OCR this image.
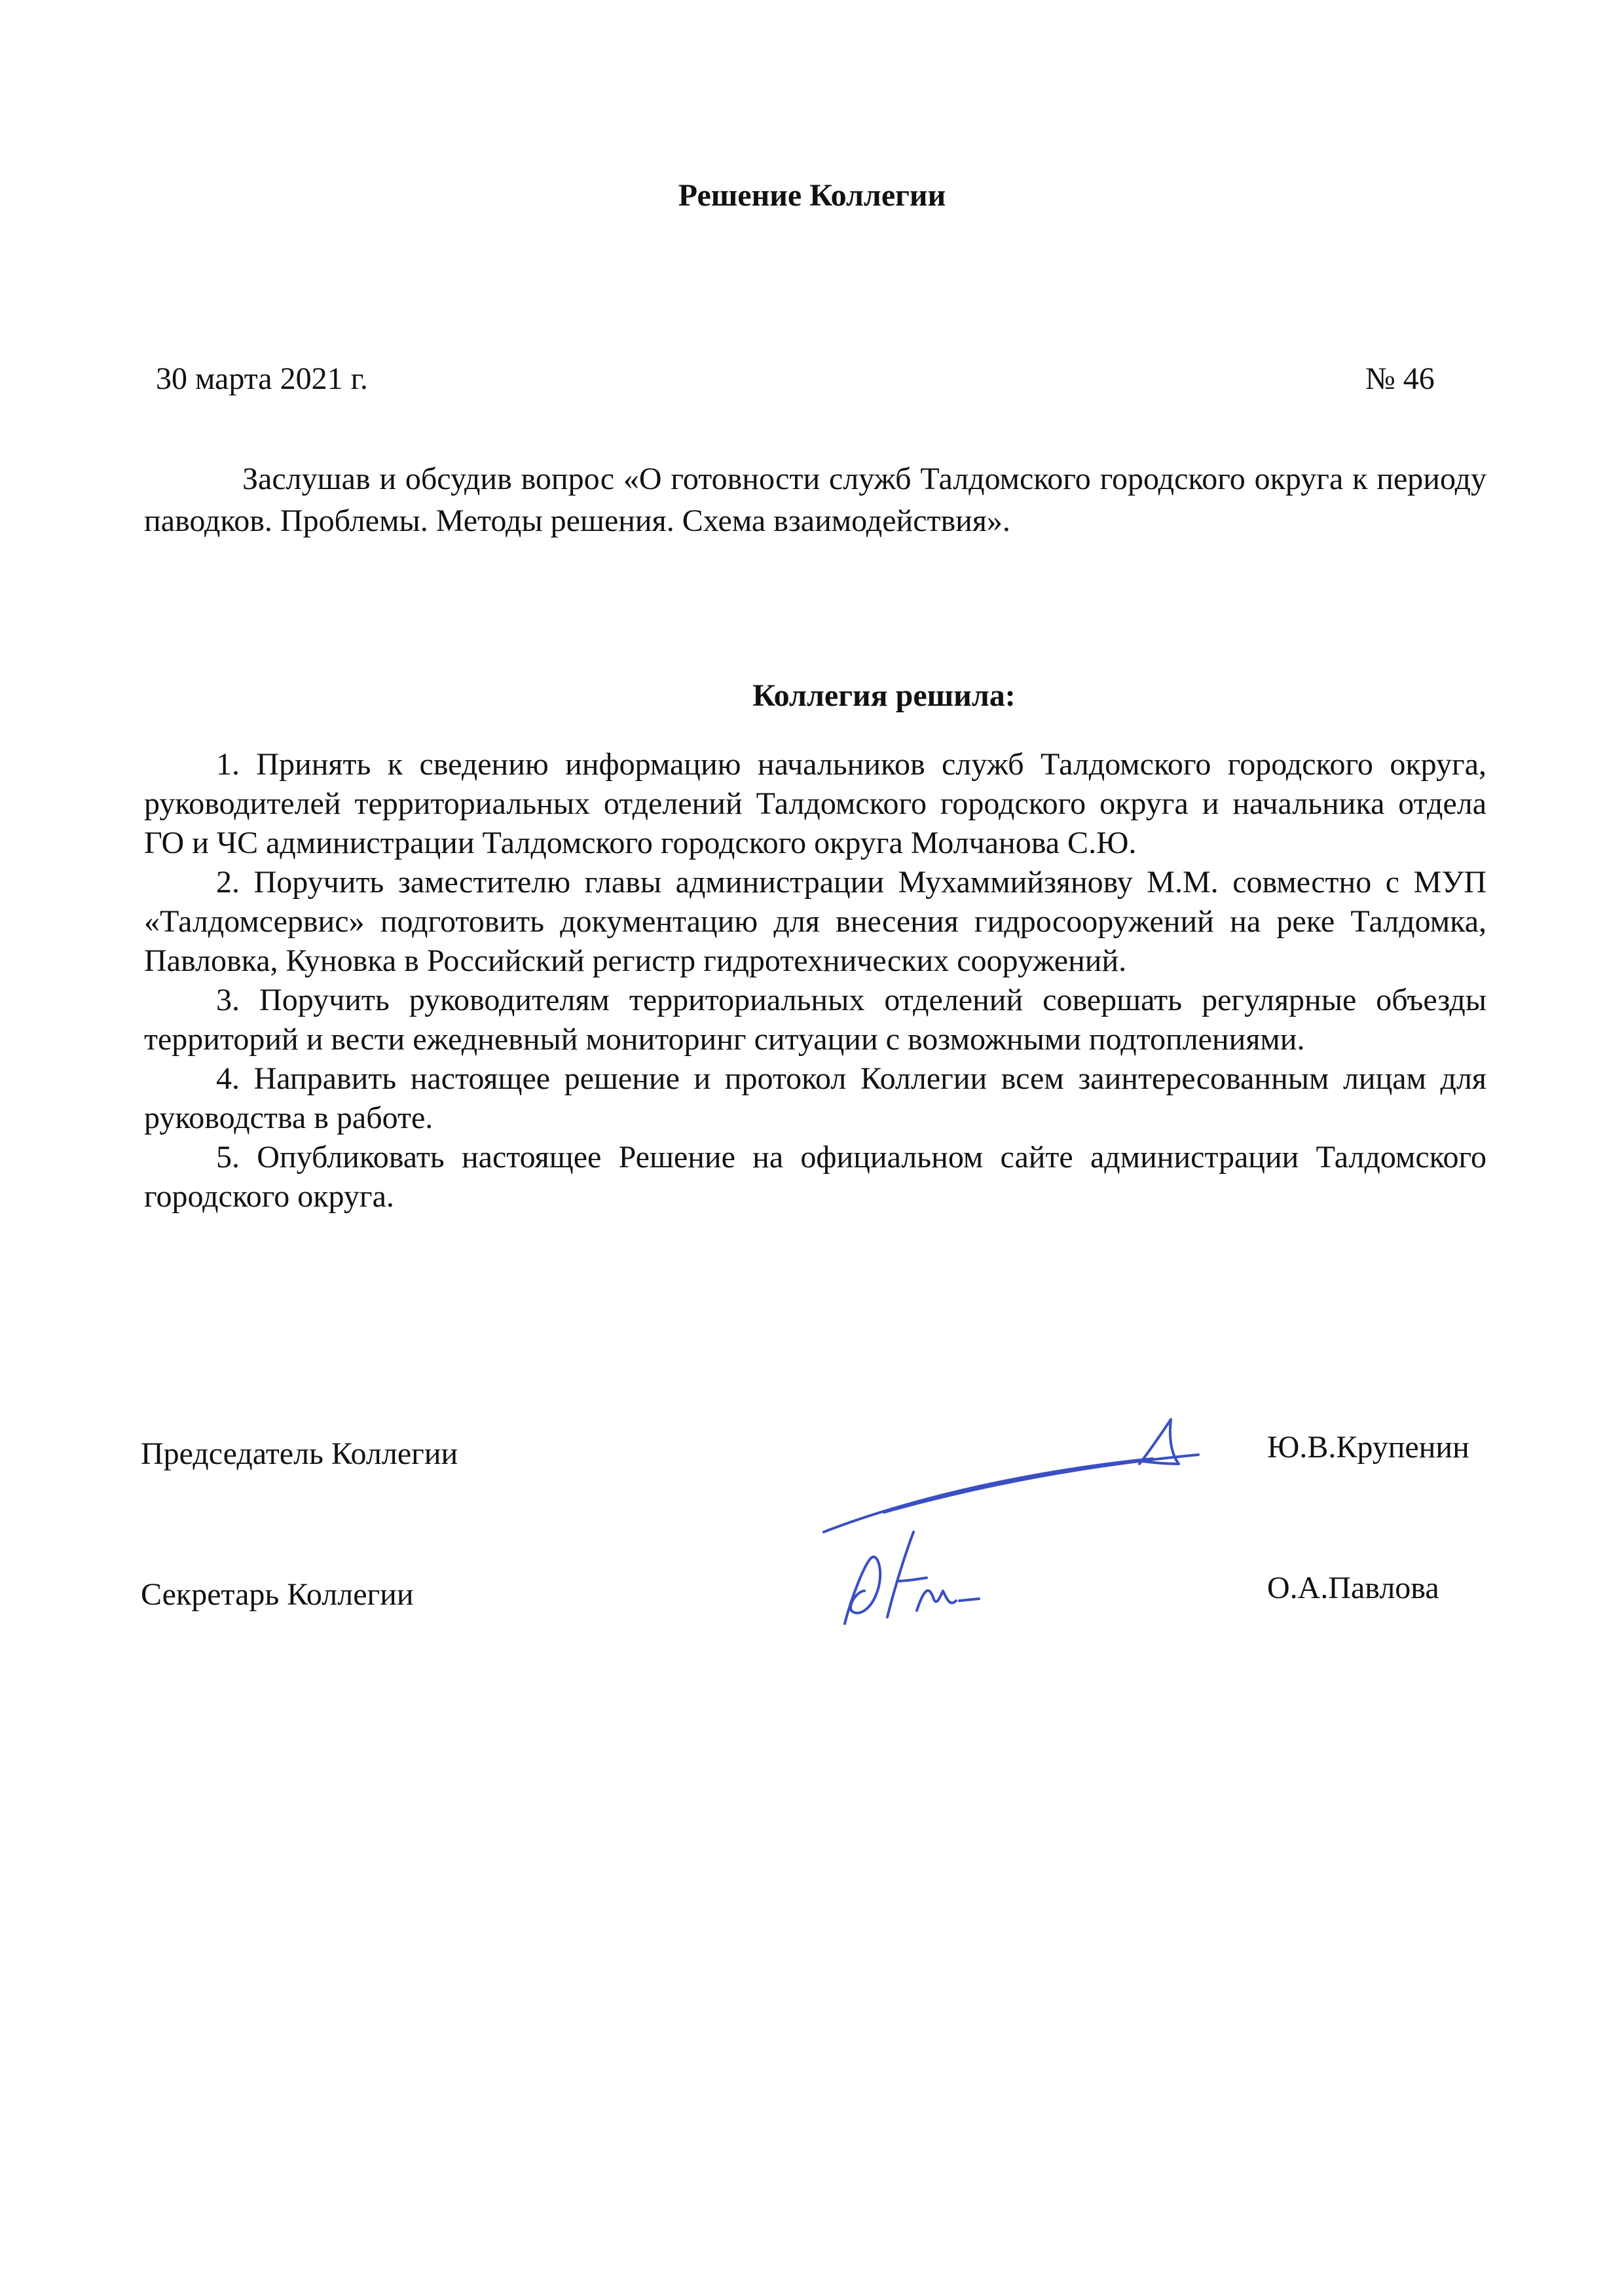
Решение Коллегии
30 марта 2021 г.	№ 46

Заслушав и обсудив вопрос «О готовности служб Талдомского городского округа к периоду паводков. Проблемы. Методы решения. Схема взаимодействия».

Коллегия решила:

1. Принять к сведению информацию начальников служб Талдомского городского округа, руководителей территориальных отделений Талдомского городского округа и начальника отдела ГО и ЧС администрации Талдомского городского округа Молчанова С.Ю.

2. Поручить заместителю главы администрации Мухаммийзянову М.М. совместно с МУП «Талдомсервис» подготовить документацию для внесения гидросооружений на реке Талдомка, Павловка, Куновка в Российский регистр гидротехнических сооружений.

3. Поручить руководителям территориальных отделений совершать регулярные объезды территорий и вести ежедневный мониторинг ситуации с возможными подтоплениями.

4. Направить настоящее решение и протокол Коллегии всем заинтересованным лицам для руководства в работе.

5. Опубликовать настоящее Решение на официальном сайте администрации Талдомского городского округа.

Председатель Коллегии	Ю.В.Крупенин
Секретарь Коллегии	О.А.Павлова
